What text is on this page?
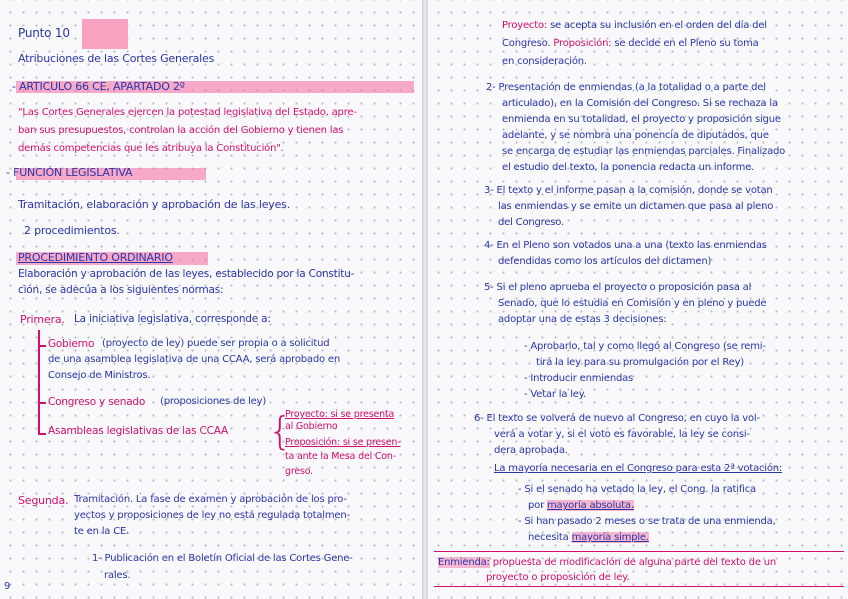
Punto 10

Atribuciones de las Cortes Generales

- ARTICULO 66 CE, APARTADO 2º

"Las Cortes Generales ejercen la potestad legislativa del Estado, apre-

ban sus presupuestos, controlan la acción del Gobierno y tienen las

demás competencias que les atribuya la Constitución".

- FUNCIÓN LEGISLATIVA

Tramitación, elaboración y aprobación de las leyes.

2 procedimientos.

PROCEDIMIENTO ORDINARIO

Elaboración y aprobación de las leyes, establecido por la Constitu-

ción, se adecúa a los siguientes normas:

Primera. La iniciativa legislativa, corresponde a:

Gobierno (proyecto de ley) puede ser propia o a solicitud

de una asamblea legislativa de una CCAA, será aprobado en

Consejo de Ministros.

Congreso y senado (proposiciones de ley)

Asambleas legislativas de las CCAA {

Proyecto: si se presenta

al Gobierno

Proposición: si se presen-

ta ante la Mesa del Con-

greso.

Segunda. Tramitación. La fase de examen y aprobación de los pro-

yectos y proposiciones de ley no está regulada totalmen-

te en la CE.

1- Publicación en el Boletín Oficial de las Cortes Gene-

rales.

9

Proyecto: se acepta su inclusión en el orden del día del

Congreso. Proposición: se decide en el Pleno su toma

en consideración.

2- Presentación de enmiendas (a la totalidad o a parte del

articulado), en la Comisión del Congreso. Si se rechaza la

enmienda en su totalidad, el proyecto y proposición sigue

adelante, y se nombra una ponencia de diputados, que

se encarga de estudiar las enmiendas parciales. Finalizado

el estudio del texto, la ponencia redacta un informe.

3- El texto y el informe pasan a la comisión, donde se votan

las enmiendas y se emite un dictamen que pasa al pleno

del Congreso.

4- En el Pleno son votados una a una (texto las enmiendas

defendidas como los artículos del dictamen)

5- Si el pleno aprueba el proyecto o proposición pasa al

Senado, que lo estudia en Comisión y en pleno y puede

adoptar una de estas 3 decisiones:

- Aprobarlo, tal y como llegó al Congreso (se remi-

tirá la ley para su promulgación por el Rey)

- Introducir enmiendas

- Vetar la ley.

6- El texto se volverá de nuevo al Congreso, en cuyo la vol-

verá a votar y, si el voto es favorable, la ley se consi-

dera aprobada.

La mayoría necesaria en el Congreso para esta 2ª votación:

- Si el senado ha vetado la ley, el Cong. la ratifica

por mayoría absoluta.

- Si han pasado 2 meses o se trata de una enmienda,

necesita mayoría simple.

Enmienda: propuesta de modificación de alguna parte del texto de un

proyecto o proposición de ley.
